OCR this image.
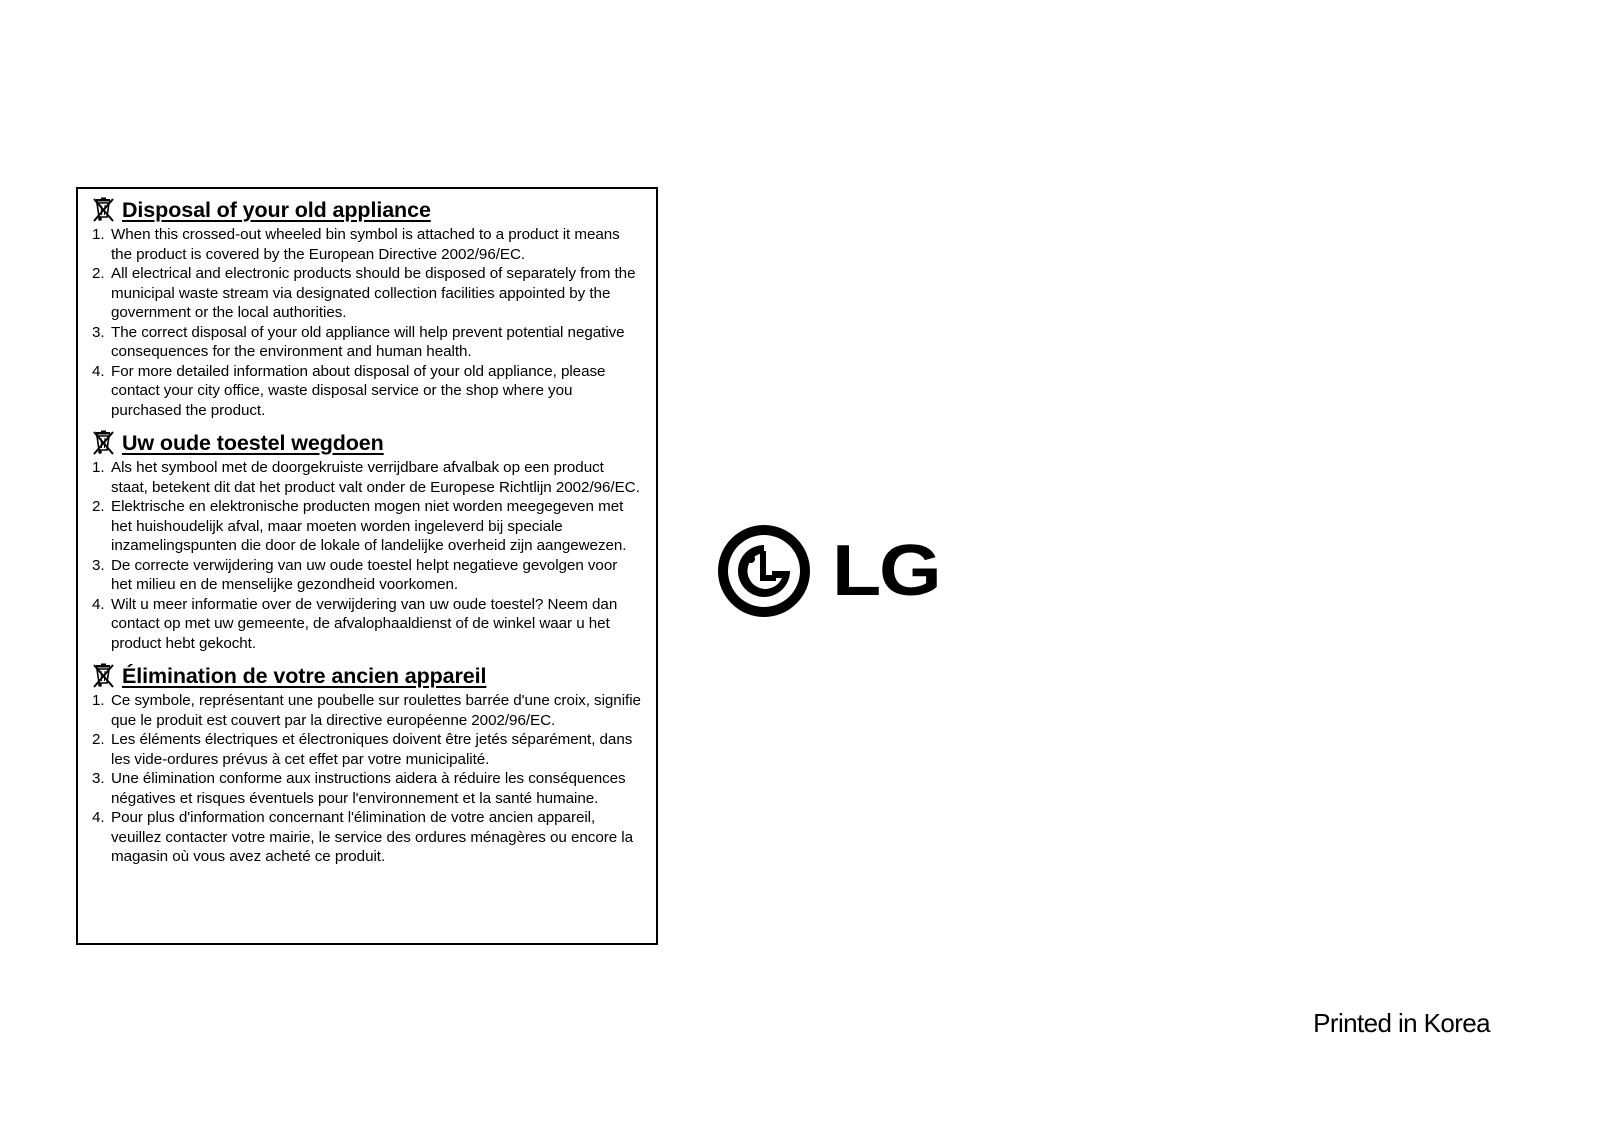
Disposal of your old appliance
1. When this crossed-out wheeled bin symbol is attached to a product it means the product is covered by the European Directive 2002/96/EC.
2. All electrical and electronic products should be disposed of separately from the municipal waste stream via designated collection facilities appointed by the government or the local authorities.
3. The correct disposal of your old appliance will help prevent potential negative consequences for the environment and human health.
4. For more detailed information about disposal of your old appliance, please contact your city office, waste disposal service or the shop where you purchased the product.
Uw oude toestel wegdoen
1. Als het symbool met de doorgekruiste verrijdbare afvalbak op een product staat, betekent dit dat het product valt onder de Europese Richtlijn 2002/96/EC.
2. Elektrische en elektronische producten mogen niet worden meegegeven met het huishoudelijk afval, maar moeten worden ingeleverd bij speciale inzamelingspunten die door de lokale of landelijke overheid zijn aangewezen.
3. De correcte verwijdering van uw oude toestel helpt negatieve gevolgen voor het milieu en de menselijke gezondheid voorkomen.
4. Wilt u meer informatie over de verwijdering van uw oude toestel? Neem dan contact op met uw gemeente, de afvalophaaldienst of de winkel waar u het product hebt gekocht.
Élimination de votre ancien appareil
1. Ce symbole, représentant une poubelle sur roulettes barrée d'une croix, signifie que le produit est couvert par la directive européenne 2002/96/EC.
2. Les éléments électriques et électroniques doivent être jetés séparément, dans les vide-ordures prévus à cet effet par votre municipalité.
3. Une élimination conforme aux instructions aidera à réduire les conséquences négatives et risques éventuels pour l'environnement et la santé humaine.
4. Pour plus d'information concernant l'élimination de votre ancien appareil, veuillez contacter votre mairie, le service des ordures ménagères ou encore la magasin où vous avez acheté ce produit.
LG
Printed in Korea
